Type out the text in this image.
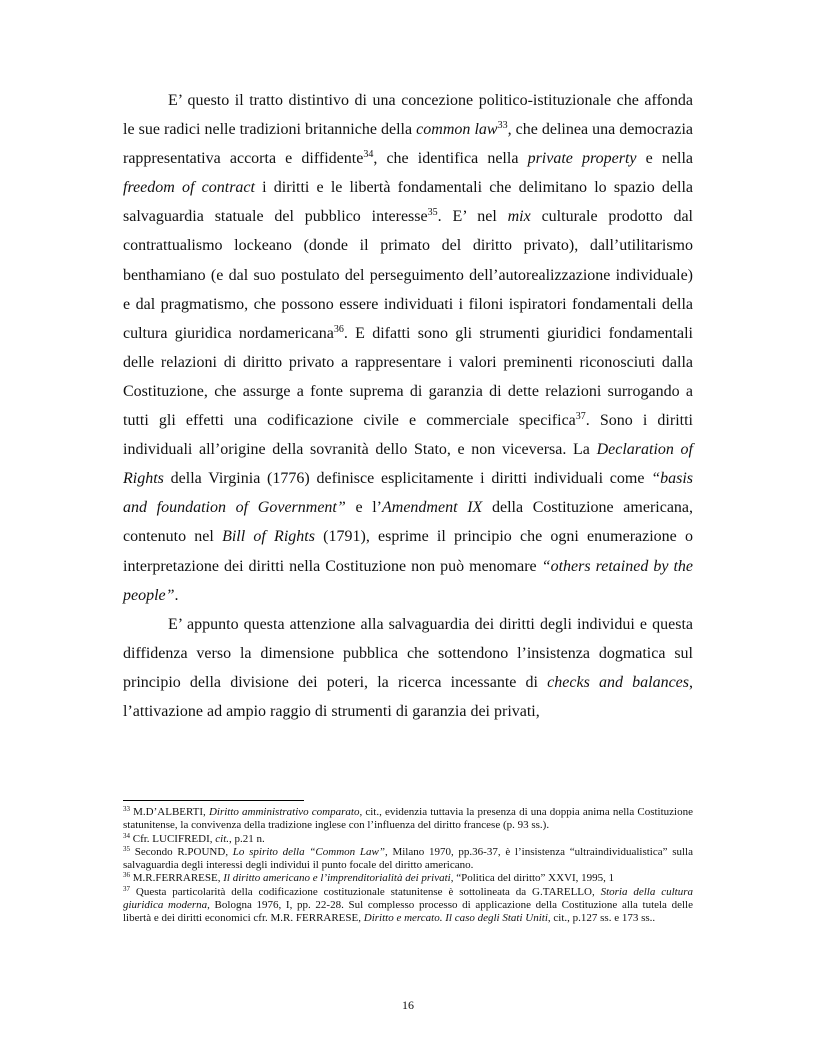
E’ questo il tratto distintivo di una concezione politico-istituzionale che affonda le sue radici nelle tradizioni britanniche della common law$^{33}$, che delinea una democrazia rappresentativa accorta e diffidente$^{34}$, che identifica nella private property e nella freedom of contract i diritti e le libertà fondamentali che delimitano lo spazio della salvaguardia statuale del pubblico interesse$^{35}$. E’ nel mix culturale prodotto dal contrattualismo lockeano (donde il primato del diritto privato), dall’utilitarismo benthamiano (e dal suo postulato del perseguimento dell’autorealizzazione individuale) e dal pragmatismo, che possono essere individuati i filoni ispiratori fondamentali della cultura giuridica nordamericana$^{36}$. E difatti sono gli strumenti giuridici fondamentali delle relazioni di diritto privato a rappresentare i valori preminenti riconosciuti dalla Costituzione, che assurge a fonte suprema di garanzia di dette relazioni surrogando a tutti gli effetti una codificazione civile e commerciale specifica$^{37}$. Sono i diritti individuali all’origine della sovranità dello Stato, e non viceversa. La Declaration of Rights della Virginia (1776) definisce esplicitamente i diritti individuali come “basis and foundation of Government” e l’Amendment IX della Costituzione americana, contenuto nel Bill of Rights (1791), esprime il principio che ogni enumerazione o interpretazione dei diritti nella Costituzione non può menomare “others retained by the people”.

E’ appunto questa attenzione alla salvaguardia dei diritti degli individui e questa diffidenza verso la dimensione pubblica che sottendono l’insistenza dogmatica sul principio della divisione dei poteri, la ricerca incessante di checks and balances, l’attivazione ad ampio raggio di strumenti di garanzia dei privati,

$^{33}$ M.D’ALBERTI, Diritto amministrativo comparato, cit., evidenzia tuttavia la presenza di una doppia anima nella Costituzione statunitense, la convivenza della tradizione inglese con l’influenza del diritto francese (p. 93 ss.).

$^{34}$ Cfr. LUCIFREDI, cit., p.21 n.

$^{35}$ Secondo R.POUND, Lo spirito della “Common Law”, Milano 1970, pp.36-37, è l’insistenza “ultraindividualistica” sulla salvaguardia degli interessi degli individui il punto focale del diritto americano.

$^{36}$ M.R.FERRARESE, Il diritto americano e l’imprenditorialità dei privati, “Politica del diritto” XXVI, 1995, 1

$^{37}$ Questa particolarità della codificazione costituzionale statunitense è sottolineata da G.TARELLO, Storia della cultura giuridica moderna, Bologna 1976, I, pp. 22-28. Sul complesso processo di applicazione della Costituzione alla tutela delle libertà e dei diritti economici cfr. M.R. FERRARESE, Diritto e mercato. Il caso degli Stati Uniti, cit., p.127 ss. e 173 ss..

16
